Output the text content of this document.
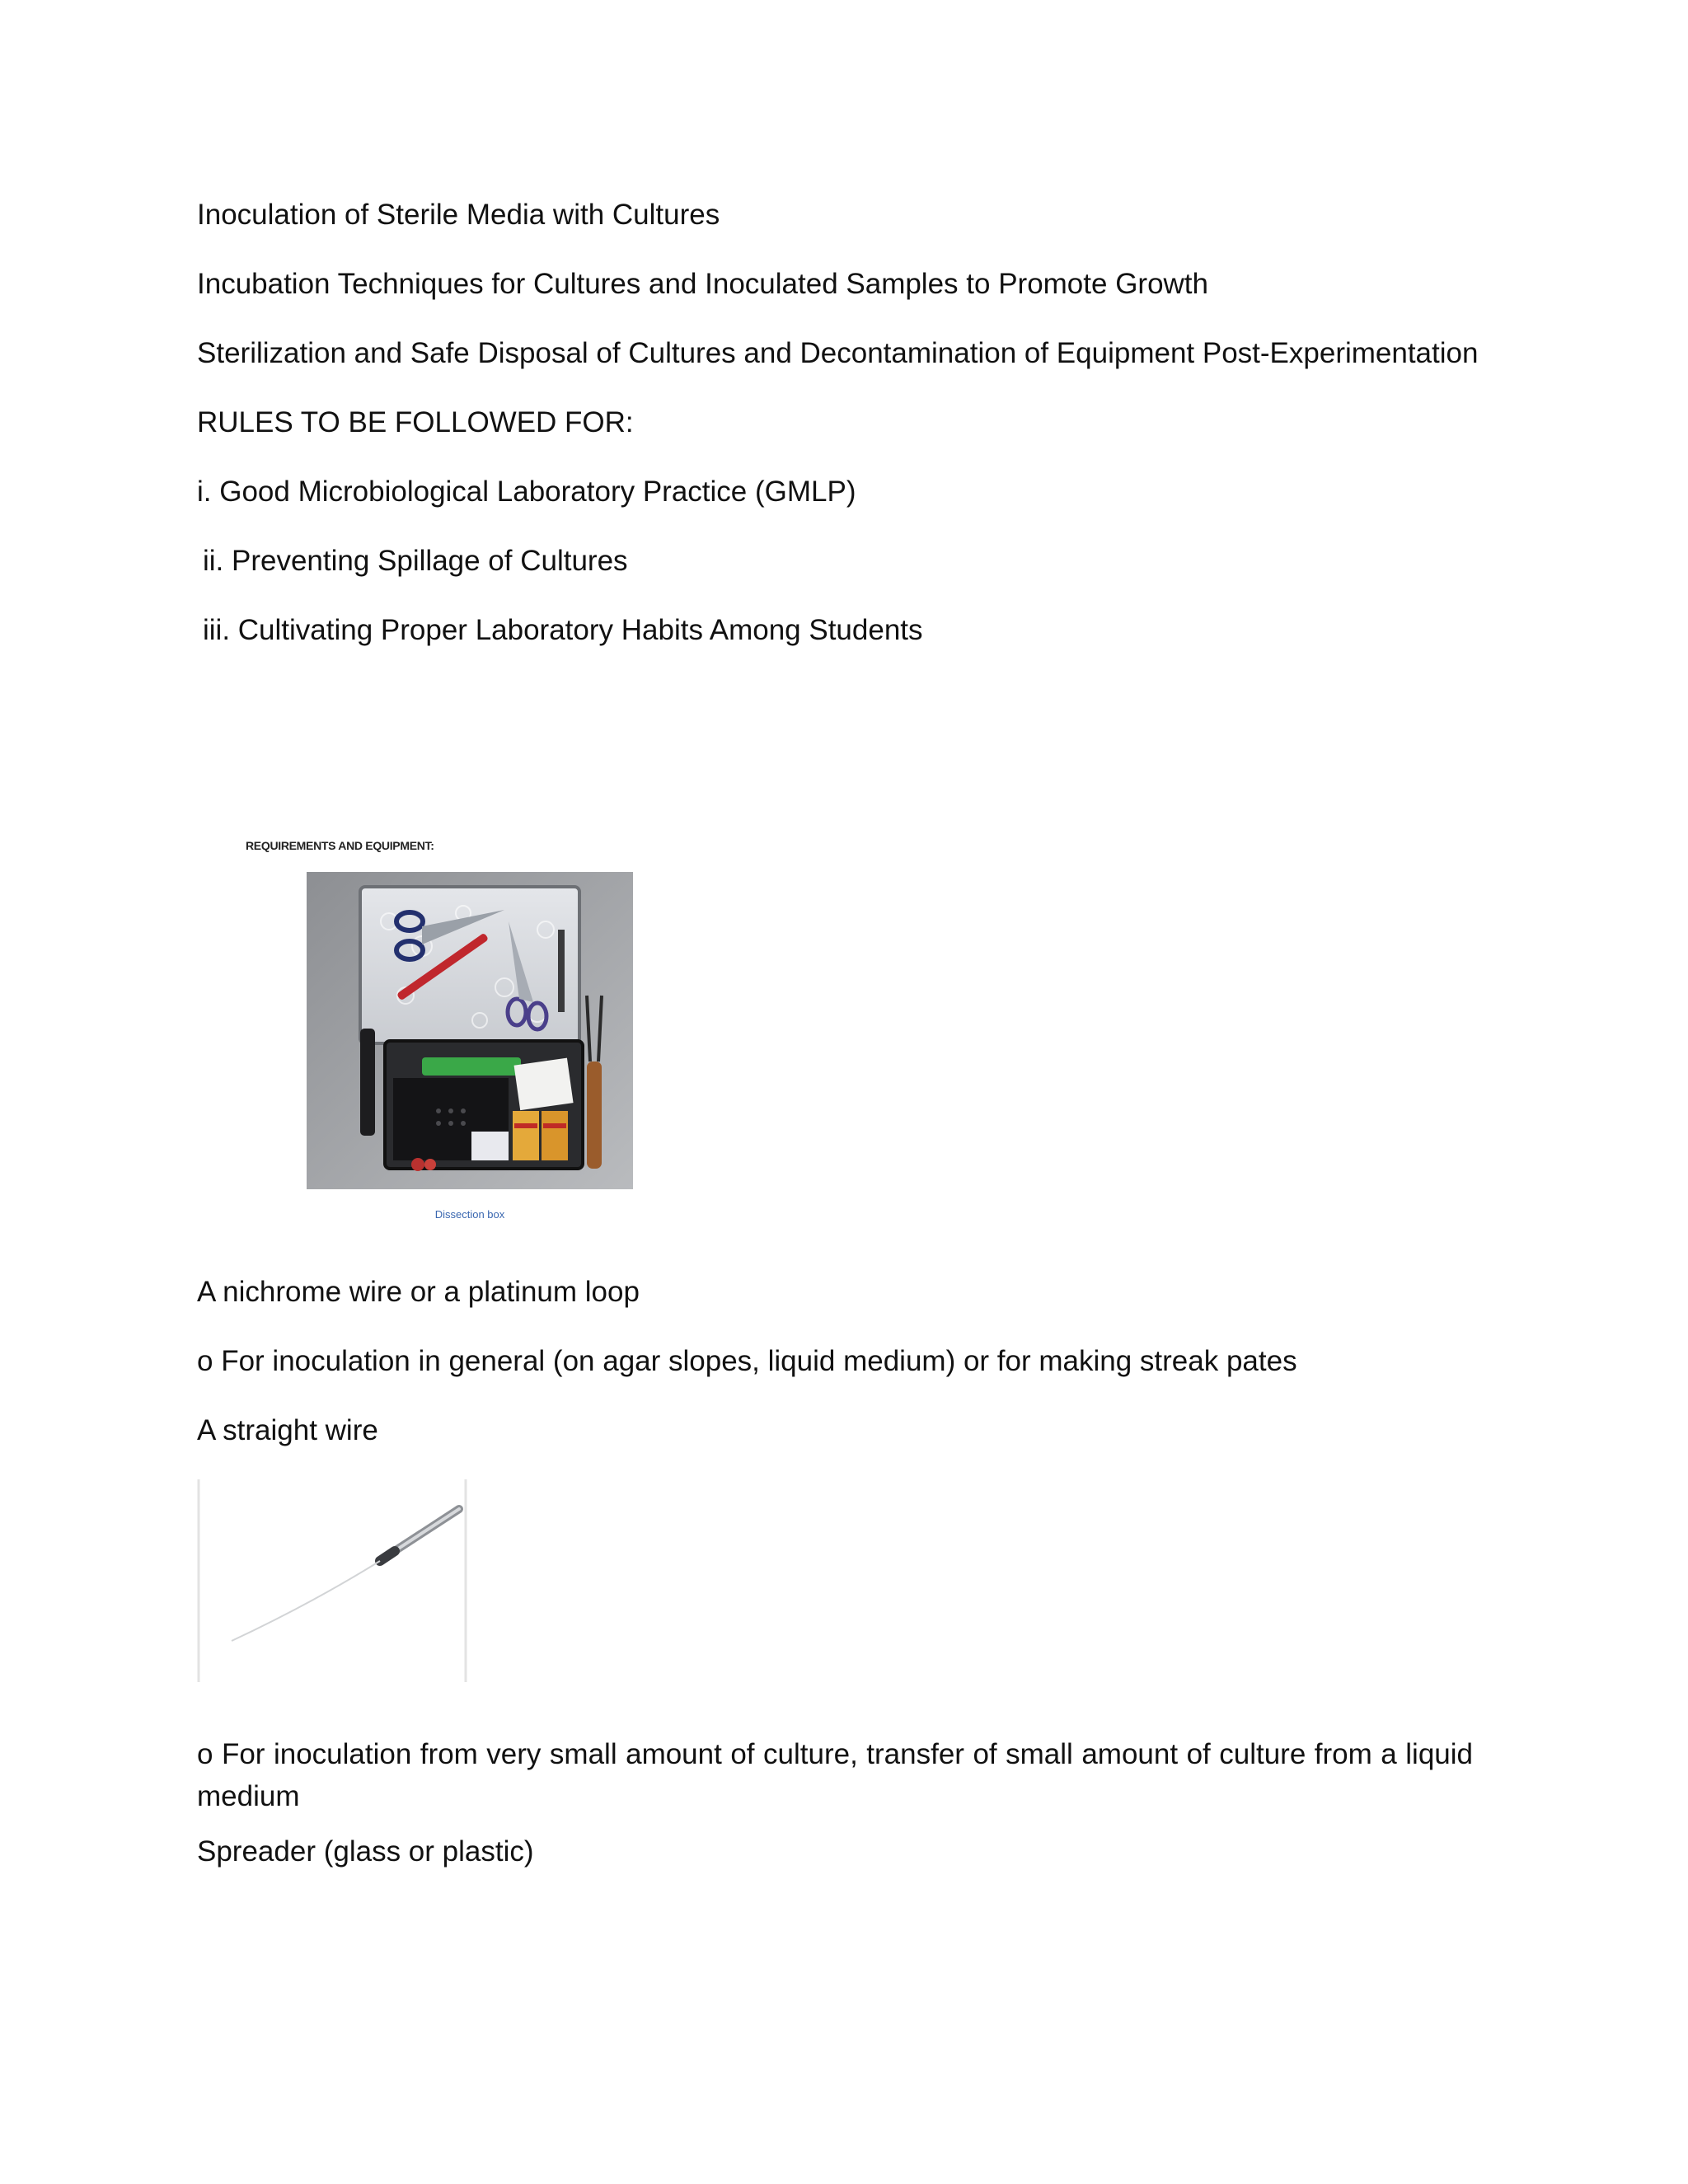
Inoculation of Sterile Media with Cultures
Incubation Techniques for Cultures and Inoculated Samples to Promote Growth
Sterilization and Safe Disposal of Cultures and Decontamination of Equipment Post-Experimentation
RULES TO BE FOLLOWED FOR:
i. Good Microbiological Laboratory Practice (GMLP)
ii. Preventing Spillage of Cultures
iii. Cultivating Proper Laboratory Habits Among Students
REQUIREMENTS AND EQUIPMENT:
Dissection box
A nichrome wire or a platinum loop
o For inoculation in general (on agar slopes, liquid medium) or for making streak pates
A straight wire
o For inoculation from very small amount of culture, transfer of small amount of culture from a liquid medium
Spreader (glass or plastic)
